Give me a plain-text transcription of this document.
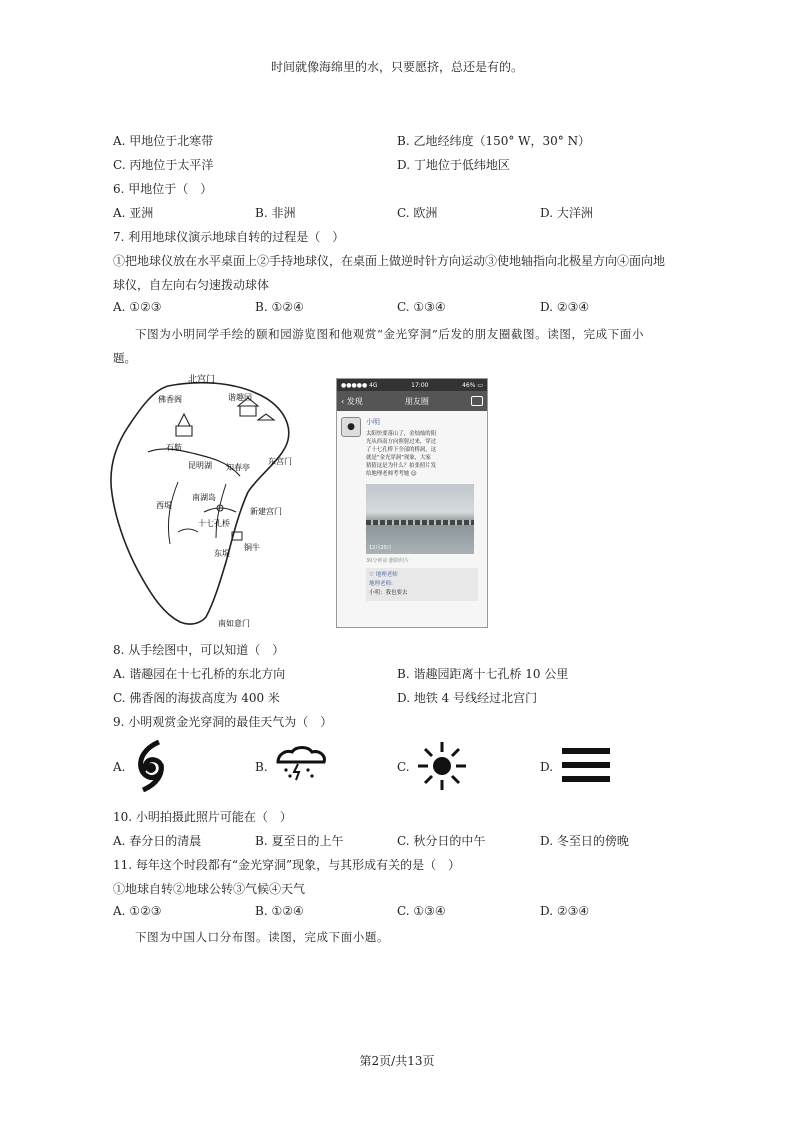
时间就像海绵里的水，只要愿挤，总还是有的。
A. 甲地位于北寒带	B. 乙地经纬度（150° W，30° N）
C. 丙地位于太平洋	D. 丁地位于低纬地区
6. 甲地位于（　）
A. 亚洲	B. 非洲	C. 欧洲	D. 大洋洲
7. 利用地球仪演示地球自转的过程是（　）
①把地球仪放在水平桌面上②手持地球仪，在桌面上做逆时针方向运动③使地轴指向北极星方向④面向地
球仪，自左向右匀速拨动球体
A. ①②③	B. ①②④	C. ①③④	D. ②③④
下图为小明同学手绘的颐和园游览图和他观赏“金光穿洞”后发的朋友圈截图。读图，完成下面小
题。
北宫门
佛香阁	谐趣园
石舫
昆明湖 知春亭
东宫门
西堤
南湖岛
十七孔桥
新建宫门
东堤
铜牛
南如意门
●●●●● 4G	17:00	46% ▭
‹ 发现	朋友圈
● 小明
太阳快要落山了，金灿灿的阳
光从西南方向照射过来，穿过
了十七孔桥下全部的桥洞，这
就是“金光穿洞”现象，大家
猜猜这是为什么？拍张照片发
给地理老师考考她 ☺
12月20日
30分钟前 删除照片
♡ 地理老师
地理老师:
小明：我也要去
8. 从手绘图中，可以知道（　）
A. 谐趣园在十七孔桥的东北方向	B. 谐趣园距离十七孔桥 10 公里
C. 佛香阁的海拔高度为 400 米	D. 地铁 4 号线经过北宫门
9. 小明观赏金光穿洞的最佳天气为（　）
A.	B.	C.	D.
10. 小明拍摄此照片可能在（　）
A. 春分日的清晨	B. 夏至日的上午	C. 秋分日的中午	D. 冬至日的傍晚
11. 每年这个时段都有“金光穿洞”现象，与其形成有关的是（　）
①地球自转②地球公转③气候④天气
A. ①②③	B. ①②④	C. ①③④	D. ②③④
下图为中国人口分布图。读图，完成下面小题。
第2页/共13页
